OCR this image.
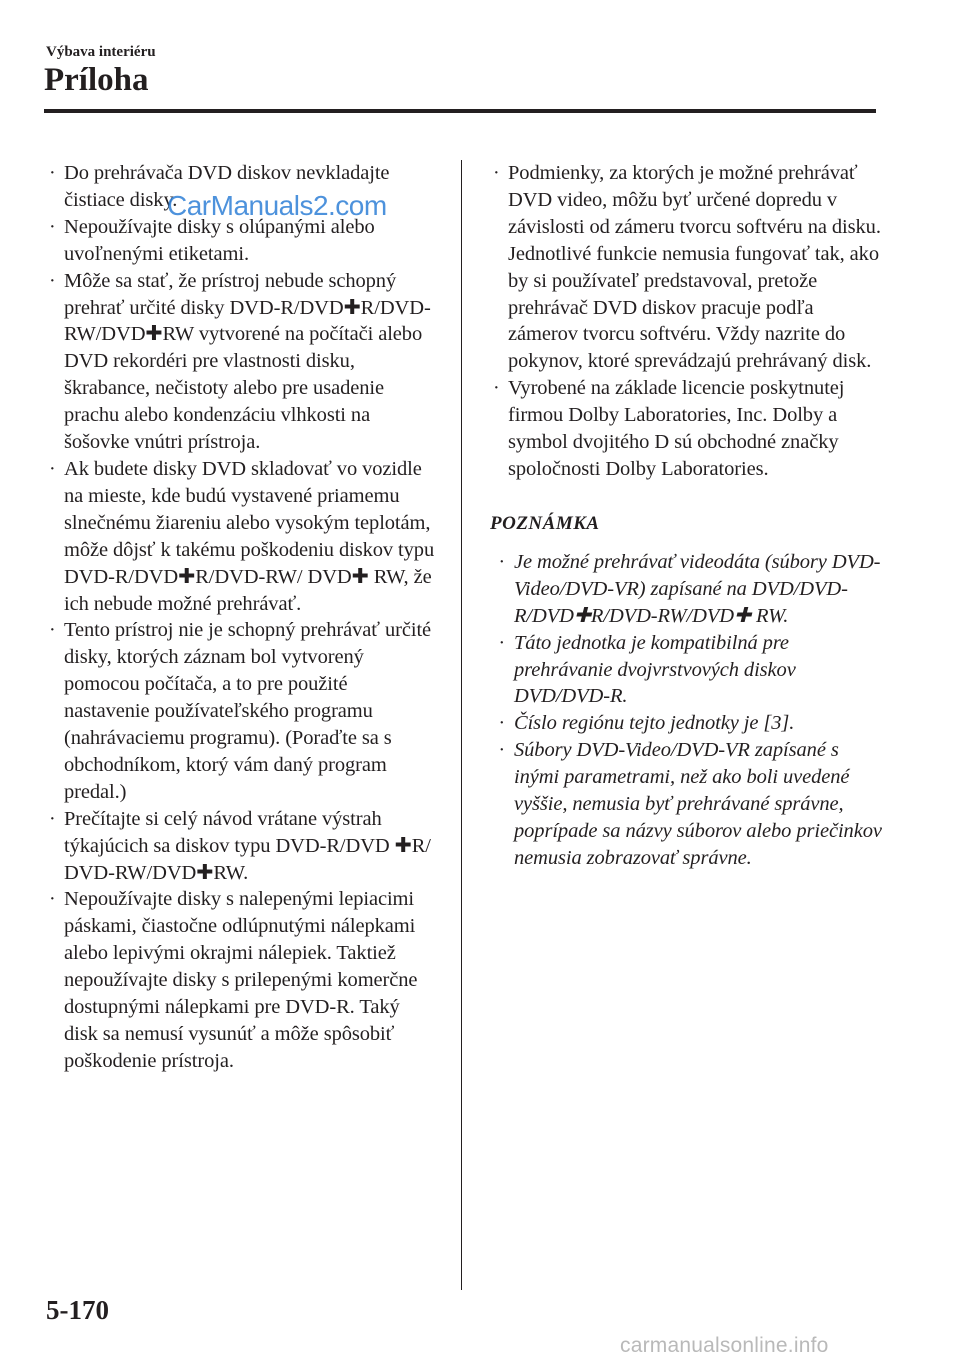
Výbava interiéru
Príloha
· Do prehrávača DVD diskov nevkladajte čistiace disky.
· Nepoužívajte disky s olúpanými alebo uvoľnenými etiketami.
· Môže sa stať, že prístroj nebude schopný prehrať určité disky DVD-R/DVD✚R/DVD-RW/DVD✚RW vytvorené na počítači alebo DVD rekordéri pre vlastnosti disku, škrabance, nečistoty alebo pre usadenie prachu alebo kondenzáciu vlhkosti na šošovke vnútri prístroja.
· Ak budete disky DVD skladovať vo vozidle na mieste, kde budú vystavené priamemu slnečnému žiareniu alebo vysokým teplotám, môže dôjsť k takému poškodeniu diskov typu DVD-R/DVD✚R/DVD-RW/ DVD✚ RW, že ich nebude možné prehrávať.
· Tento prístroj nie je schopný prehrávať určité disky, ktorých záznam bol vytvorený pomocou počítača, a to pre použité nastavenie používateľského programu (nahrávaciemu programu). (Poraďte sa s obchodníkom, ktorý vám daný program predal.)
· Prečítajte si celý návod vrátane výstrah týkajúcich sa diskov typu DVD-R/DVD ✚R/ DVD-RW/DVD✚RW.
· Nepoužívajte disky s nalepenými lepiacimi páskami, čiastočne odlúpnutými nálepkami alebo lepivými okrajmi nálepiek. Taktiež nepoužívajte disky s prilepenými komerčne dostupnými nálepkami pre DVD-R. Taký disk sa nemusí vysunúť a môže spôsobiť poškodenie prístroja.
· Podmienky, za ktorých je možné prehrávať DVD video, môžu byť určené dopredu v závislosti od zámeru tvorcu softvéru na disku. Jednotlivé funkcie nemusia fungovať tak, ako by si používateľ predstavoval, pretože prehrávač DVD diskov pracuje podľa zámerov tvorcu softvéru. Vždy nazrite do pokynov, ktoré sprevádzajú prehrávaný disk.
· Vyrobené na základe licencie poskytnutej firmou Dolby Laboratories, Inc. Dolby a symbol dvojitého D sú obchodné značky spoločnosti Dolby Laboratories.
POZNÁMKA
· Je možné prehrávať videodáta (súbory DVD-Video/DVD-VR) zapísané na DVD/DVD-R/DVD✚R/DVD-RW/DVD✚ RW.
· Táto jednotka je kompatibilná pre prehrávanie dvojvrstvových diskov DVD/DVD-R.
· Číslo regiónu tejto jednotky je [3].
· Súbory DVD-Video/DVD-VR zapísané s inými parametrami, než ako boli uvedené vyššie, nemusia byť prehrávané správne, poprípade sa názvy súborov alebo priečinkov nemusia zobrazovať správne.
5-170
CarManuals2.com
carmanualsonline.info
